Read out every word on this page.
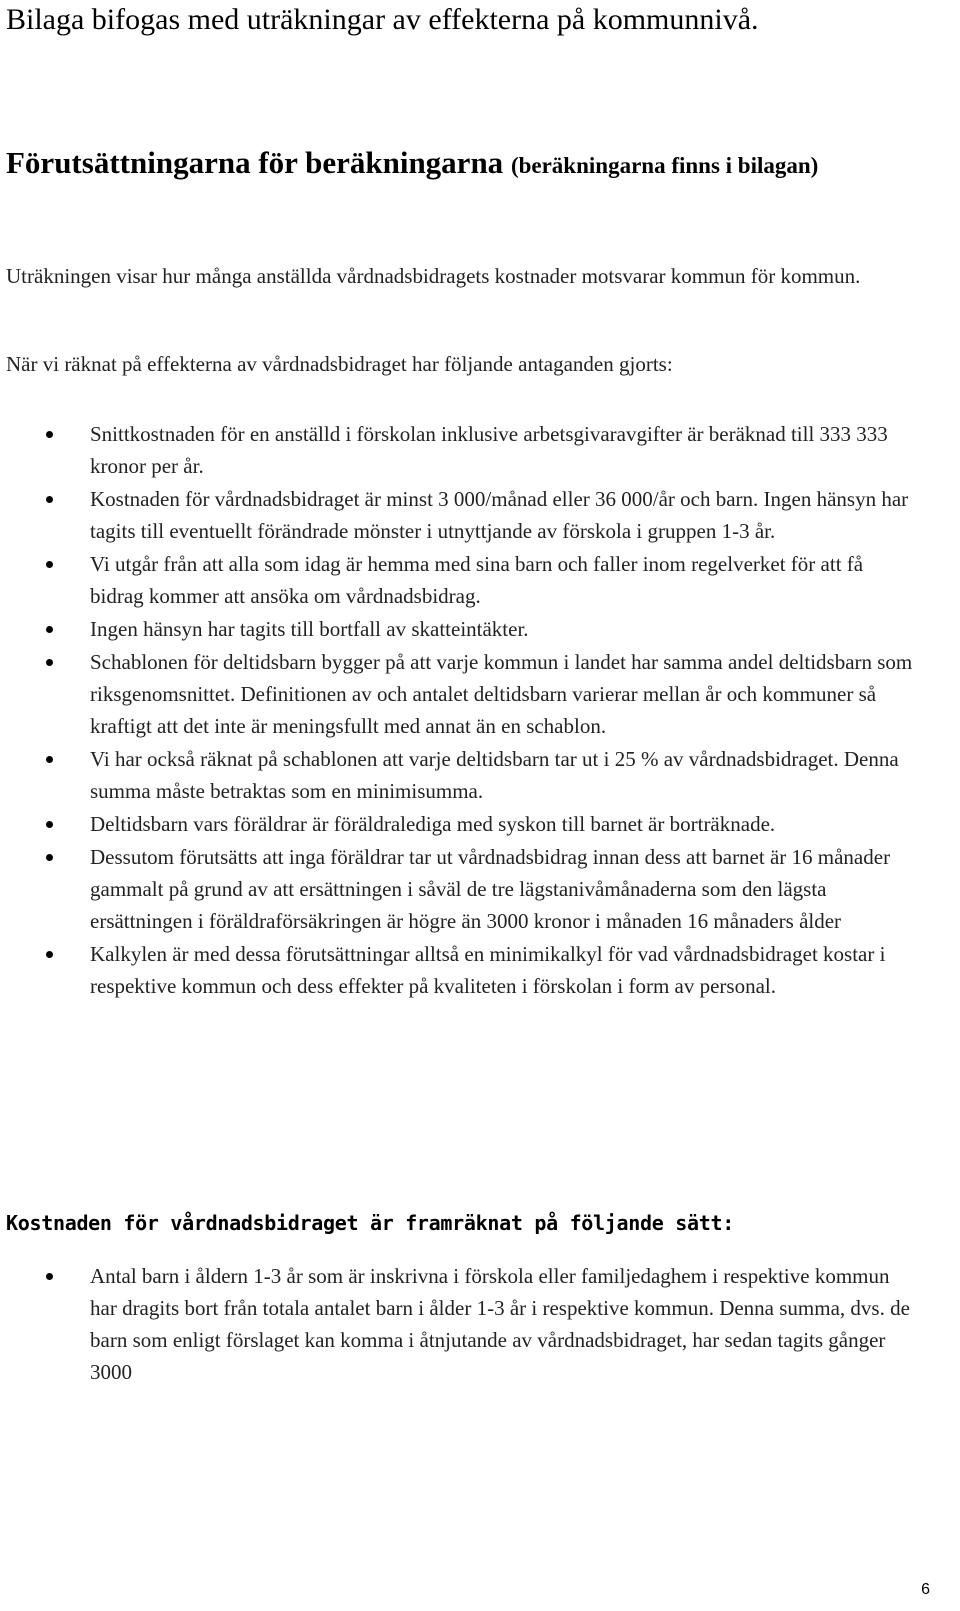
Bilaga bifogas med uträkningar av effekterna på kommunnivå.

Förutsättningarna för beräkningarna (beräkningarna finns i bilagan)

Uträkningen visar hur många anställda vårdnadsbidragets kostnader motsvarar kommun för kommun.

När vi räknat på effekterna av vårdnadsbidraget har följande antaganden gjorts:

Snittkostnaden för en anställd i förskolan inklusive arbetsgivaravgifter är beräknad till 333 333 kronor per år.
Kostnaden för vårdnadsbidraget är minst 3 000/månad eller 36 000/år och barn. Ingen hänsyn har tagits till eventuellt förändrade mönster i utnyttjande av förskola i gruppen 1-3 år.
Vi utgår från att alla som idag är hemma med sina barn och faller inom regelverket för att få bidrag kommer att ansöka om vårdnadsbidrag.
Ingen hänsyn har tagits till bortfall av skatteintäkter.
Schablonen för deltidsbarn bygger på att varje kommun i landet har samma andel deltidsbarn som riksgenomsnittet. Definitionen av och antalet deltidsbarn varierar mellan år och kommuner så kraftigt att det inte är meningsfullt med annat än en schablon.
Vi har också räknat på schablonen att varje deltidsbarn tar ut i 25 % av vårdnadsbidraget. Denna summa måste betraktas som en minimisumma.
Deltidsbarn vars föräldrar är föräldralediga med syskon till barnet är borträknade.
Dessutom förutsätts att inga föräldrar tar ut vårdnadsbidrag innan dess att barnet är 16 månader gammalt på grund av att ersättningen i såväl de tre lägstanivåmånaderna som den lägsta ersättningen i föräldraförsäkringen är högre än 3000 kronor i månaden 16 månaders ålder
Kalkylen är med dessa förutsättningar alltså en minimikalkyl för vad vårdnadsbidraget kostar i respektive kommun och dess effekter på kvaliteten i förskolan i form av personal.
Kostnaden för vårdnadsbidraget är framräknat på följande sätt:
Antal barn i åldern 1-3 år som är inskrivna i förskola eller familjedaghem i respektive kommun har dragits bort från totala antalet barn i ålder 1-3 år i respektive kommun. Denna summa, dvs. de barn som enligt förslaget kan komma i åtnjutande av vårdnadsbidraget, har sedan tagits gånger 3000
6
